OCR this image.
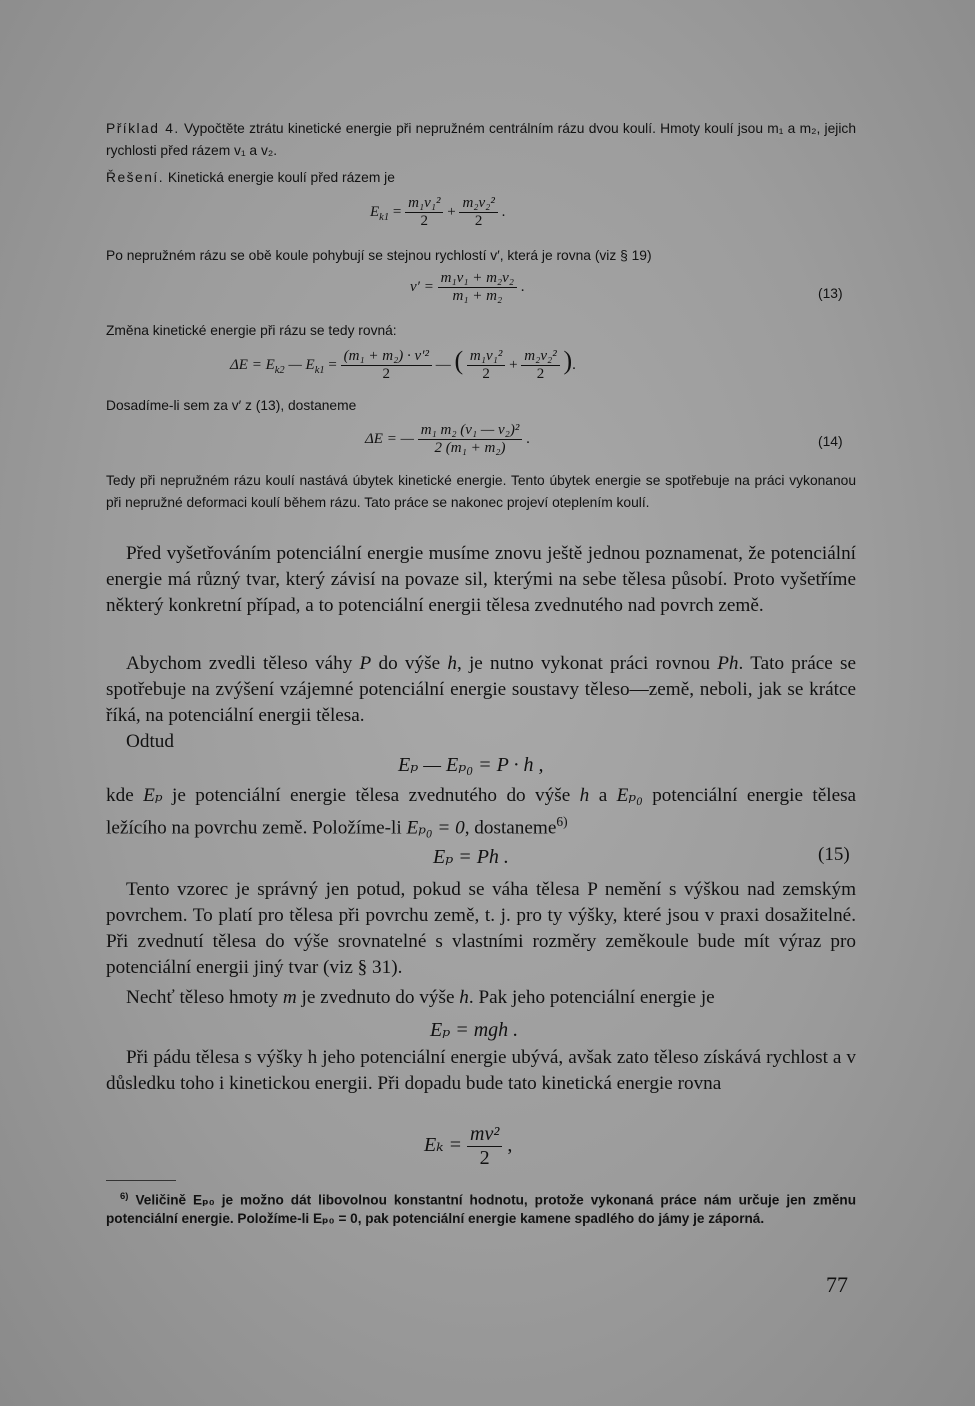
Příklad 4. Vypočtěte ztrátu kinetické energie při nepružném centrálním rázu dvou koulí. Hmoty koulí jsou m₁ a m₂, jejich rychlosti před rázem v₁ a v₂.
Řešení. Kinetická energie koulí před rázem je
$E_{k1} = \frac{\text{m₁v₁²}}{2} + \frac{\text{m₂v₂²}}{2}$ .
Po nepružném rázu se obě koule pohybují se stejnou rychlostí v′, která je rovna (viz § 19)
$v' = \frac{\text{m₁v₁ + m₂v₂}}{\text{m₁ + m₂}}$ .	(13)
Změna kinetické energie při rázu se tedy rovná:
$\Delta E = E_{k2}$ — $E_{k1} = \frac{\text{(m₁ + m₂) · v′²}}{2}$ — ( $\frac{\text{m₁v₁²}}{2} + \frac{\text{m₂v₂²}}{2}$ ).
Dosadíme-li sem za v′ z (13), dostaneme
ΔE = — $\frac{\text{m₁ m₂ (v₁ — v₂)²}}{\text{2 (m₁ + m₂)}}$ .	(14)
Tedy při nepružném rázu koulí nastává úbytek kinetické energie. Tento úbytek energie se spotřebuje na práci vykonanou při nepružné deformaci koulí během rázu. Tato práce se nakonec projeví oteplením koulí.
Před vyšetřováním potenciální energie musíme znovu ještě jednou poznamenat, že potenciální energie má různý tvar, který závisí na povaze sil, kterými na sebe tělesa působí. Proto vyšetříme některý konkretní případ, a to potenciální energii tělesa zvednutého nad povrch země.
Abychom zvedli těleso váhy P do výše h, je nutno vykonat práci rovnou Ph. Tato práce se spotřebuje na zvýšení vzájemné potenciální energie soustavy těleso—země, neboli, jak se krátce říká, na potenciální energii tělesa.
Odtud
Eₚ — Eₚ₀ = P · h ,
kde Eₚ je potenciální energie tělesa zvednutého do výše h a Eₚ₀ potenciální energie tělesa ležícího na povrchu země. Položíme-li Eₚ₀ = 0, dostaneme$^{6)}$
Eₚ = Ph .	(15)
Tento vzorec je správný jen potud, pokud se váha tělesa P nemění s výškou nad zemským povrchem. To platí pro tělesa při povrchu země, t. j. pro ty výšky, které jsou v praxi dosažitelné. Při zvednutí tělesa do výše srovnatelné s vlastními rozměry zeměkoule bude mít výraz pro potenciální energii jiný tvar (viz § 31).
Nechť těleso hmoty m je zvednuto do výše h. Pak jeho potenciální energie je
Eₚ = mgh .
Při pádu tělesa s výšky h jeho potenciální energie ubývá, avšak zato těleso získává rychlost a v důsledku toho i kinetickou energii. Při dopadu bude tato kinetická energie rovna
$E_k = \frac{\text{mv²}}{2}$ ,
$^{6)}$ Veličině Eₚ₀ je možno dát libovolnou konstantní hodnotu, protože vykonaná práce nám určuje jen změnu potenciální energie. Položíme-li Eₚ₀ = 0, pak potenciální energie kamene spadlého do jámy je záporná.
77
